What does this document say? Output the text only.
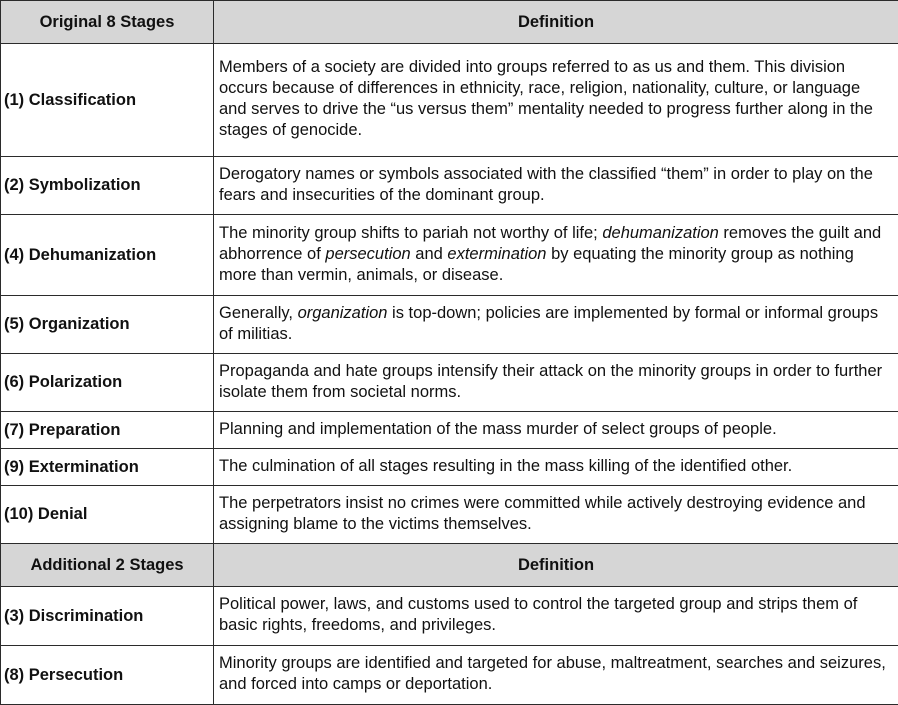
Original 8 Stages	Definition
(1) Classification	Members of a society are divided into groups referred to as us and them. This division occurs because of differences in ethnicity, race, religion, nationality, culture, or language and serves to drive the “us versus them” mentality needed to progress further along in the stages of genocide.
(2) Symbolization	Derogatory names or symbols associated with the classified “them” in order to play on the fears and insecurities of the dominant group.
(4) Dehumanization	The minority group shifts to pariah not worthy of life; dehumanization removes the guilt and abhorrence of persecution and extermination by equating the minority group as nothing more than vermin, animals, or disease.
(5) Organization	Generally, organization is top-down; policies are implemented by formal or informal groups of militias.
(6) Polarization	Propaganda and hate groups intensify their attack on the minority groups in order to further isolate them from societal norms.
(7) Preparation	Planning and implementation of the mass murder of select groups of people.
(9) Extermination	The culmination of all stages resulting in the mass killing of the identified other.
(10) Denial	The perpetrators insist no crimes were committed while actively destroying evidence and assigning blame to the victims themselves.
Additional 2 Stages	Definition
(3) Discrimination	Political power, laws, and customs used to control the targeted group and strips them of basic rights, freedoms, and privileges.
(8) Persecution	Minority groups are identified and targeted for abuse, maltreatment, searches and seizures, and forced into camps or deportation.
